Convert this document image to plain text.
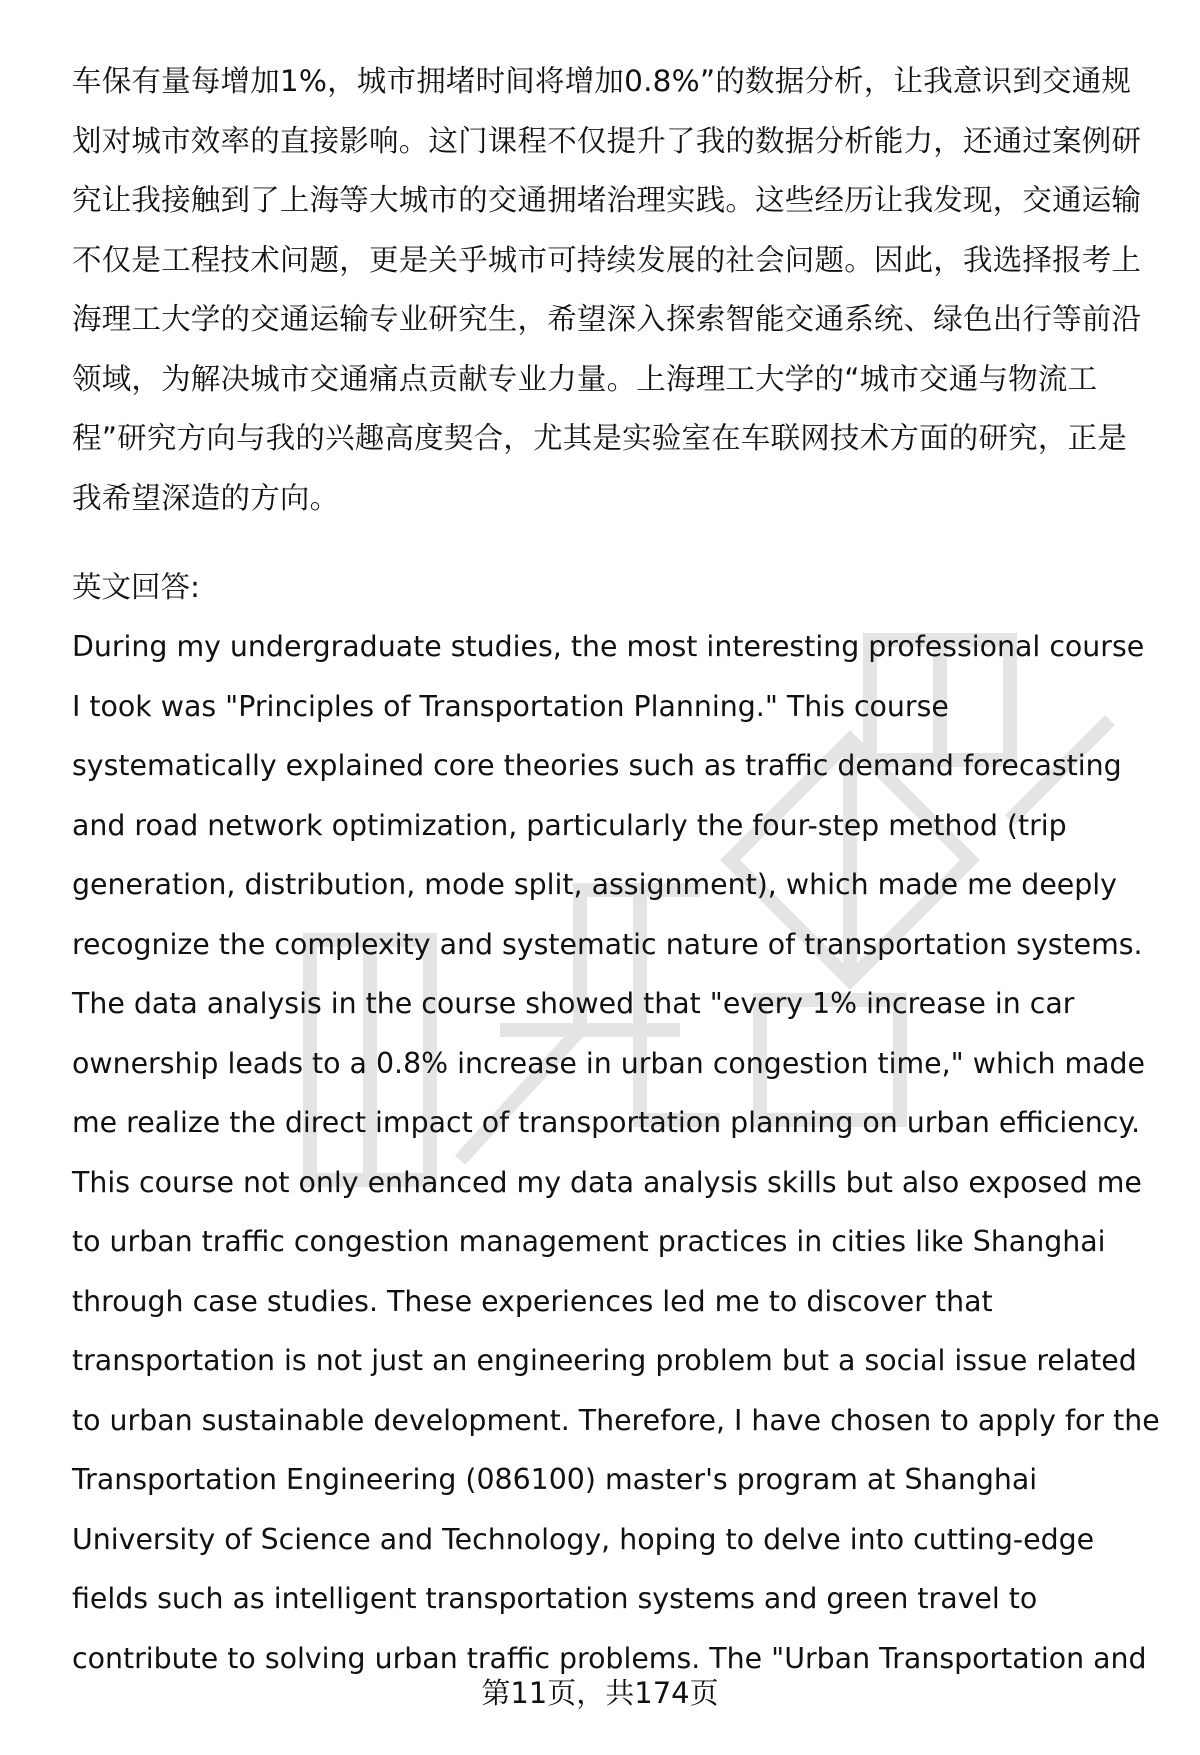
车保有量每增加1%，城市拥堵时间将增加0.8%”的数据分析，让我意识到交通规
划对城市效率的直接影响。这门课程不仅提升了我的数据分析能力，还通过案例研
究让我接触到了上海等大城市的交通拥堵治理实践。这些经历让我发现，交通运输
不仅是工程技术问题，更是关乎城市可持续发展的社会问题。因此，我选择报考上
海理工大学的交通运输专业研究生，希望深入探索智能交通系统、绿色出行等前沿
领域，为解决城市交通痛点贡献专业力量。上海理工大学的“城市交通与物流工
程”研究方向与我的兴趣高度契合，尤其是实验室在车联网技术方面的研究，正是
我希望深造的方向。
英文回答:
During my undergraduate studies, the most interesting professional course
I took was "Principles of Transportation Planning." This course
systematically explained core theories such as traffic demand forecasting
and road network optimization, particularly the four-step method (trip
generation, distribution, mode split, assignment), which made me deeply
recognize the complexity and systematic nature of transportation systems.
The data analysis in the course showed that "every 1% increase in car
ownership leads to a 0.8% increase in urban congestion time," which made
me realize the direct impact of transportation planning on urban efficiency.
This course not only enhanced my data analysis skills but also exposed me
to urban traffic congestion management practices in cities like Shanghai
through case studies. These experiences led me to discover that
transportation is not just an engineering problem but a social issue related
to urban sustainable development. Therefore, I have chosen to apply for the
Transportation Engineering (086100) master's program at Shanghai
University of Science and Technology, hoping to delve into cutting-edge
fields such as intelligent transportation systems and green travel to
contribute to solving urban traffic problems. The "Urban Transportation and
第11页，共174页
